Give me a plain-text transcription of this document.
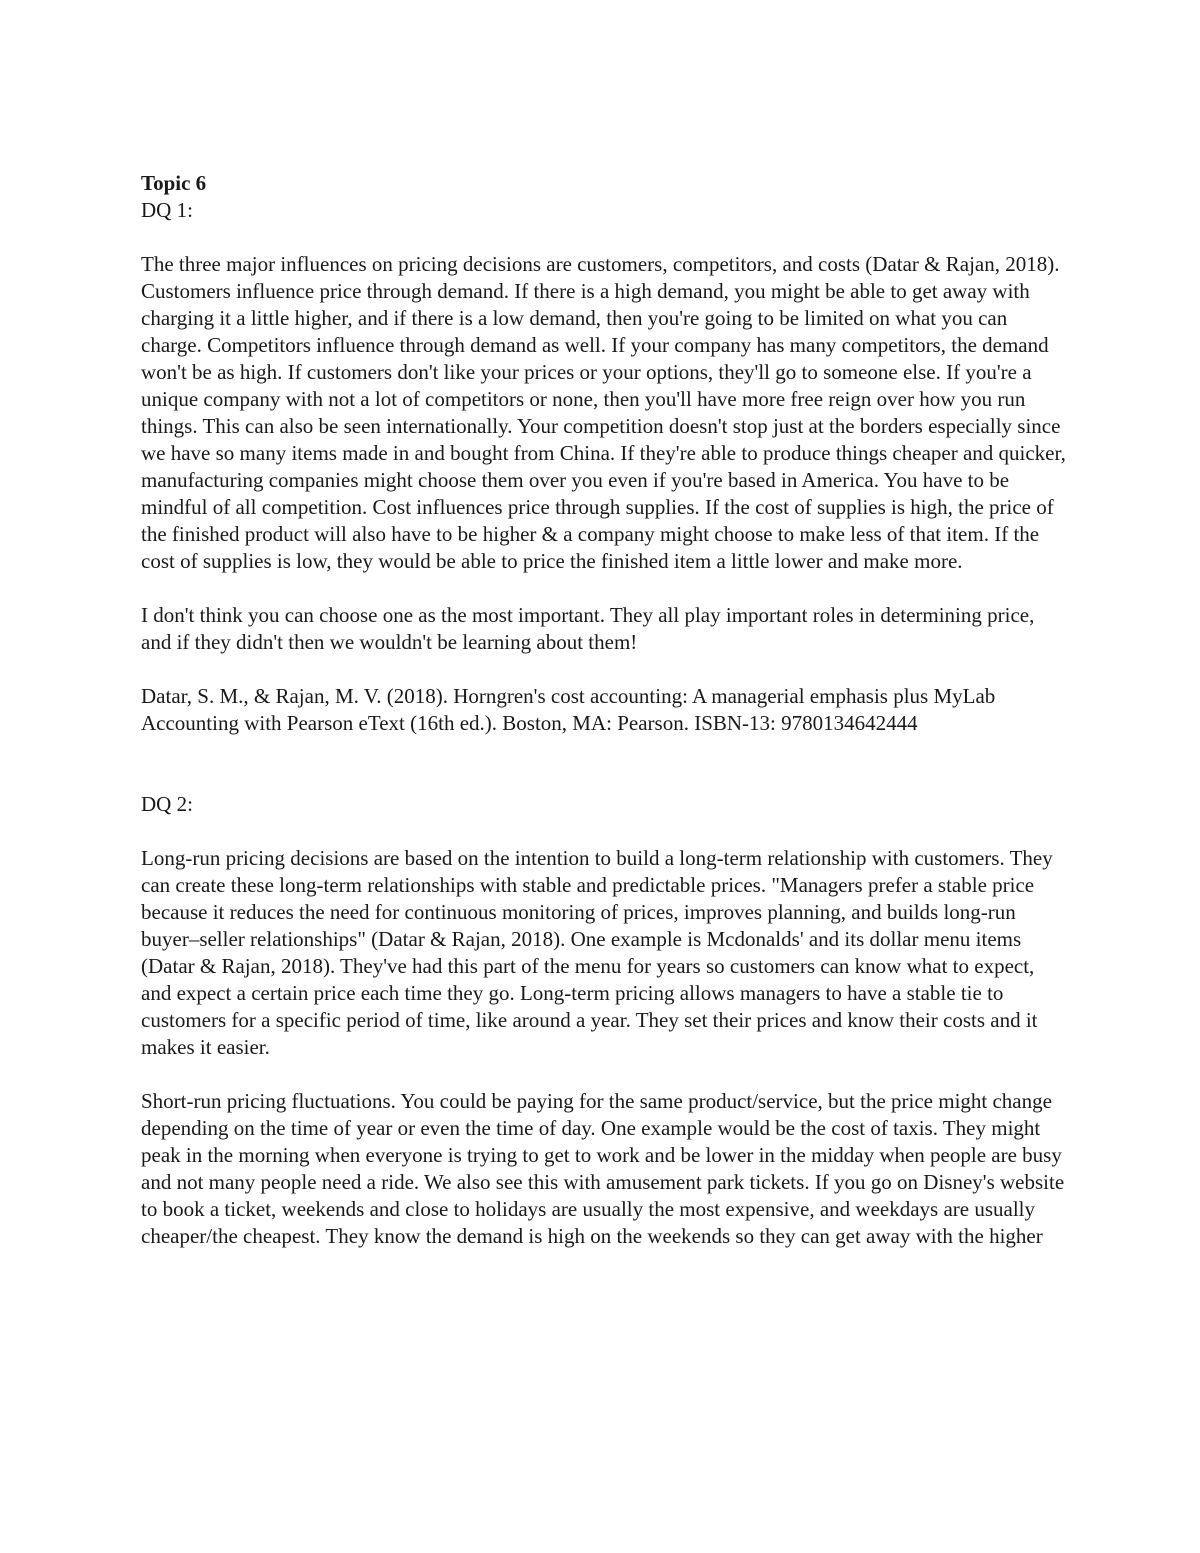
Topic 6

DQ 1:

The three major influences on pricing decisions are customers, competitors, and costs (Datar & Rajan, 2018). Customers influence price through demand. If there is a high demand, you might be able to get away with charging it a little higher, and if there is a low demand, then you're going to be limited on what you can charge. Competitors influence through demand as well. If your company has many competitors, the demand won't be as high. If customers don't like your prices or your options, they'll go to someone else. If you're a unique company with not a lot of competitors or none, then you'll have more free reign over how you run things. This can also be seen internationally. Your competition doesn't stop just at the borders especially since we have so many items made in and bought from China. If they're able to produce things cheaper and quicker, manufacturing companies might choose them over you even if you're based in America. You have to be mindful of all competition. Cost influences price through supplies. If the cost of supplies is high, the price of the finished product will also have to be higher & a company might choose to make less of that item. If the cost of supplies is low, they would be able to price the finished item a little lower and make more.

I don't think you can choose one as the most important. They all play important roles in determining price, and if they didn't then we wouldn't be learning about them!

Datar, S. M., & Rajan, M. V. (2018). Horngren's cost accounting: A managerial emphasis plus MyLab Accounting with Pearson eText (16th ed.). Boston, MA: Pearson. ISBN-13: 9780134642444

DQ 2:

Long-run pricing decisions are based on the intention to build a long-term relationship with customers. They can create these long-term relationships with stable and predictable prices. "Managers prefer a stable price because it reduces the need for continuous monitoring of prices, improves planning, and builds long-run buyer–seller relationships" (Datar & Rajan, 2018). One example is Mcdonalds' and its dollar menu items (Datar & Rajan, 2018). They've had this part of the menu for years so customers can know what to expect, and expect a certain price each time they go. Long-term pricing allows managers to have a stable tie to customers for a specific period of time, like around a year. They set their prices and know their costs and it makes it easier.

Short-run pricing fluctuations. You could be paying for the same product/service, but the price might change depending on the time of year or even the time of day. One example would be the cost of taxis. They might peak in the morning when everyone is trying to get to work and be lower in the midday when people are busy and not many people need a ride. We also see this with amusement park tickets. If you go on Disney's website to book a ticket, weekends and close to holidays are usually the most expensive, and weekdays are usually cheaper/the cheapest. They know the demand is high on the weekends so they can get away with the higher
